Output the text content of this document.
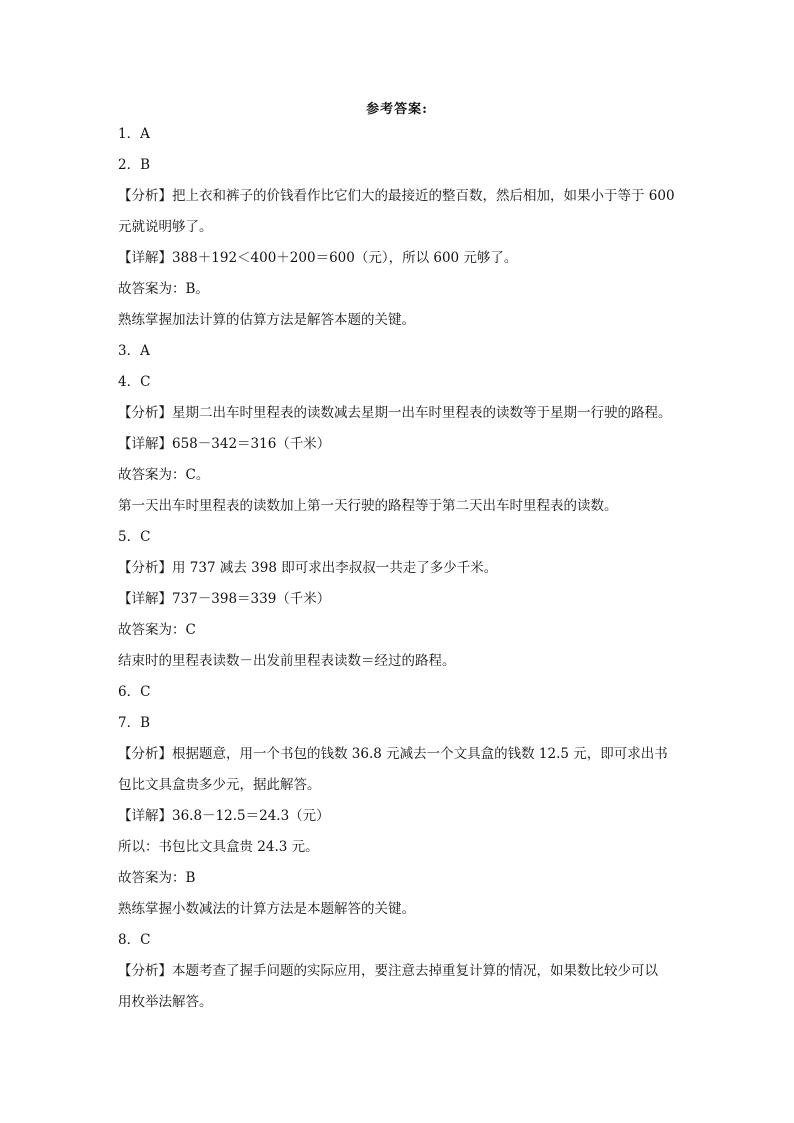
参考答案:
1．A
2．B
【分析】把上衣和裤子的价钱看作比它们大的最接近的整百数，然后相加，如果小于等于 600
元就说明够了。
【详解】388＋192＜400＋200＝600（元），所以 600 元够了。
故答案为：B。
熟练掌握加法计算的估算方法是解答本题的关键。
3．A
4．C
【分析】星期二出车时里程表的读数减去星期一出车时里程表的读数等于星期一行驶的路程。
【详解】658－342＝316（千米）
故答案为：C。
第一天出车时里程表的读数加上第一天行驶的路程等于第二天出车时里程表的读数。
5．C
【分析】用 737 减去 398 即可求出李叔叔一共走了多少千米。
【详解】737－398＝339（千米）
故答案为：C
结束时的里程表读数－出发前里程表读数＝经过的路程。
6．C
7．B
【分析】根据题意，用一个书包的钱数 36.8 元减去一个文具盒的钱数 12.5 元，即可求出书
包比文具盒贵多少元，据此解答。
【详解】36.8－12.5＝24.3（元）
所以：书包比文具盒贵 24.3 元。
故答案为：B
熟练掌握小数减法的计算方法是本题解答的关键。
8．C
【分析】本题考查了握手问题的实际应用，要注意去掉重复计算的情况，如果数比较少可以
用枚举法解答。
